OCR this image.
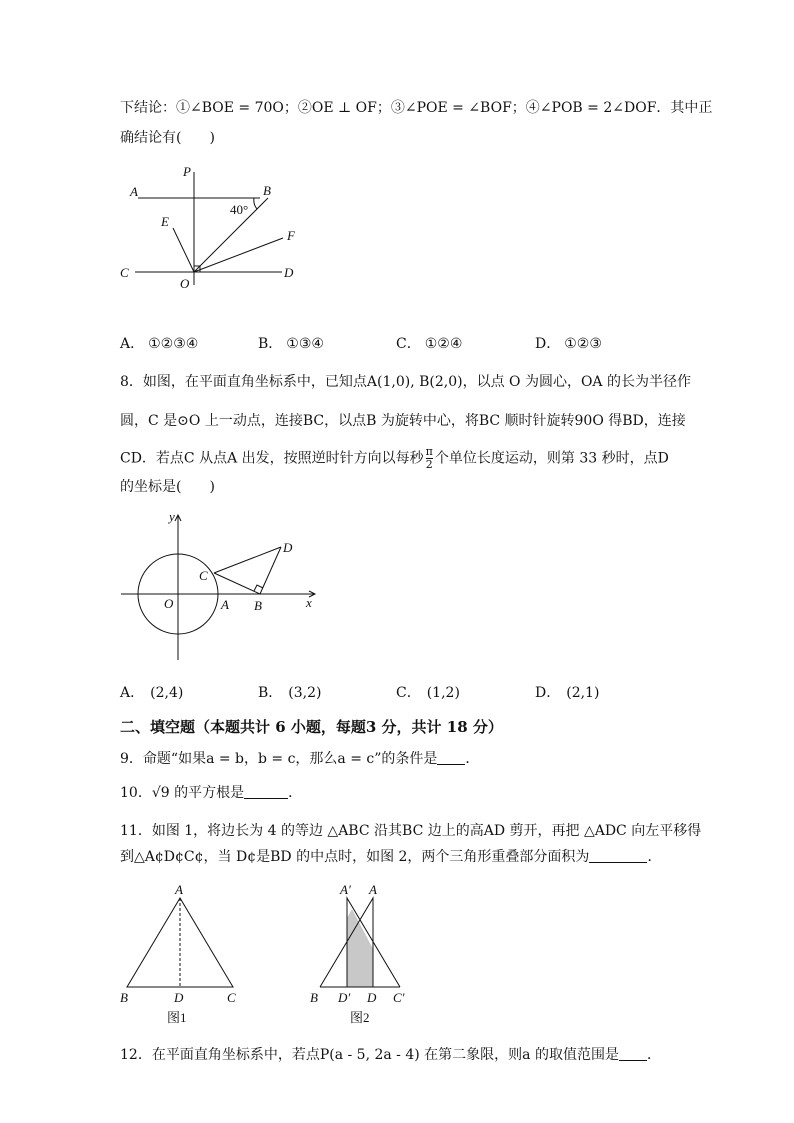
下结论：①∠BOE = 70O；②OE ⊥ OF；③∠POE = ∠BOF；④∠POB = 2∠DOF．其中正
确结论有(　　)
P
A	B
40°
E
F
C
O
D
A． ①②③④	B． ①③④	C． ①②④	D． ①②③
8．如图，在平面直角坐标系中，已知点A(1,0), B(2,0)，以点 O 为圆心，OA 的长为半径作
圆，C 是⊙O 上一动点，连接BC，以点B 为旋转中心，将BC 顺时针旋转90O 得BD，连接
CD．若点C 从点A 出发，按照逆时针方向以每秒 $\frac{\pi}{2}$ 个单位长度运动，则第 33 秒时，点D
的坐标是(　　)
y
x
O	A B
C
D
A． (2,4)	B． (3,2)	C． (1,2)	D． (2,1)
二、填空题（本题共计 6 小题，每题3 分，共计 18 分）
9．命题“如果a = b，b = c，那么a = c”的条件是 ．
10．√9 的平方根是	．
11．如图 1，将边长为 4 的等边 △ABC 沿其BC 边上的高AD 剪开，再把 △ADC 向左平移得
到△A¢D¢C¢，当 D¢是BD 的中点时，如图 2，两个三角形重叠部分面积为	．
A
B	D	C
图1
A′ A
B D′ D C′
图2
12．在平面直角坐标系中，若点P(a - 5, 2a - 4) 在第二象限，则a 的取值范围是 ．
